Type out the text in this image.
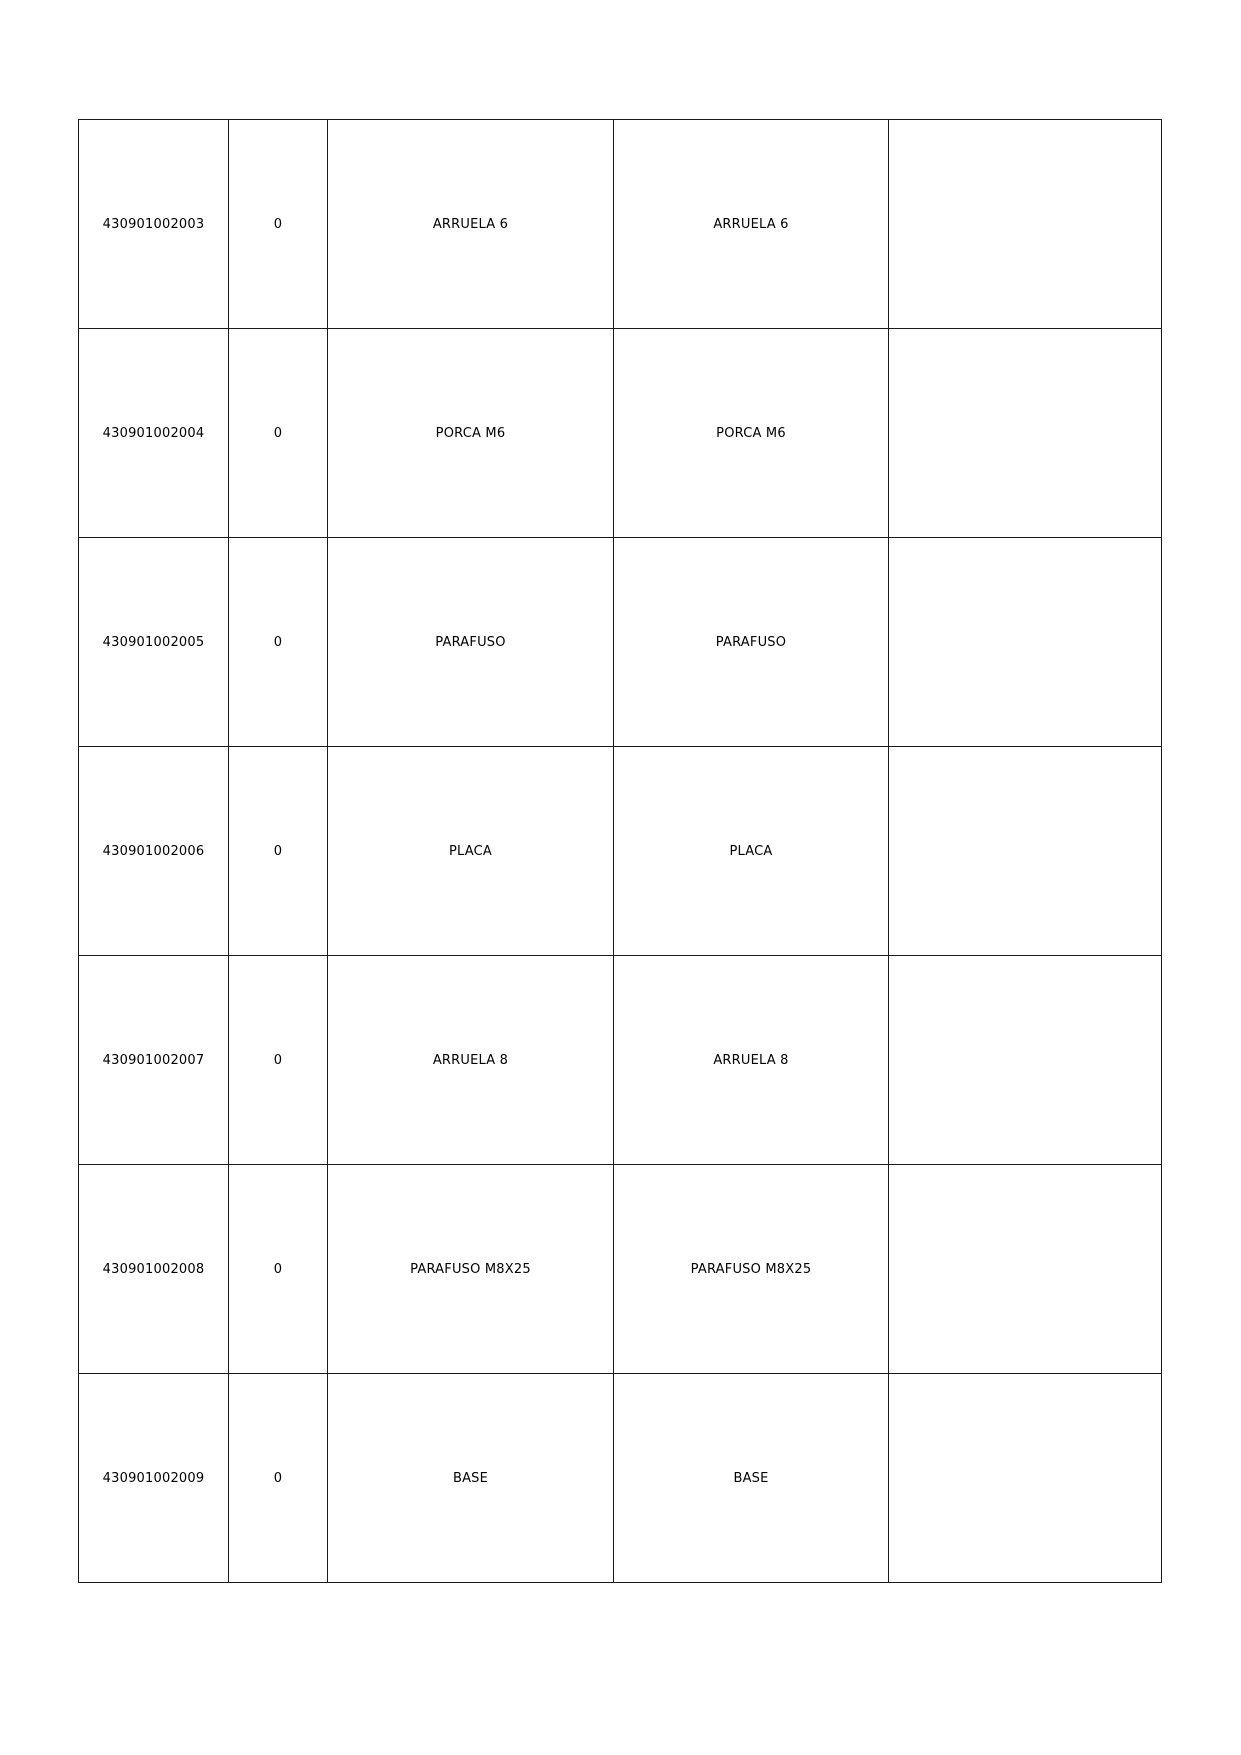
430901002003	0	ARRUELA 6	ARRUELA 6	
430901002004	0	PORCA M6	PORCA M6	
430901002005	0	PARAFUSO	PARAFUSO	
430901002006	0	PLACA	PLACA	
430901002007	0	ARRUELA 8	ARRUELA 8	
430901002008	0	PARAFUSO M8X25	PARAFUSO M8X25	
430901002009	0	BASE	BASE	
